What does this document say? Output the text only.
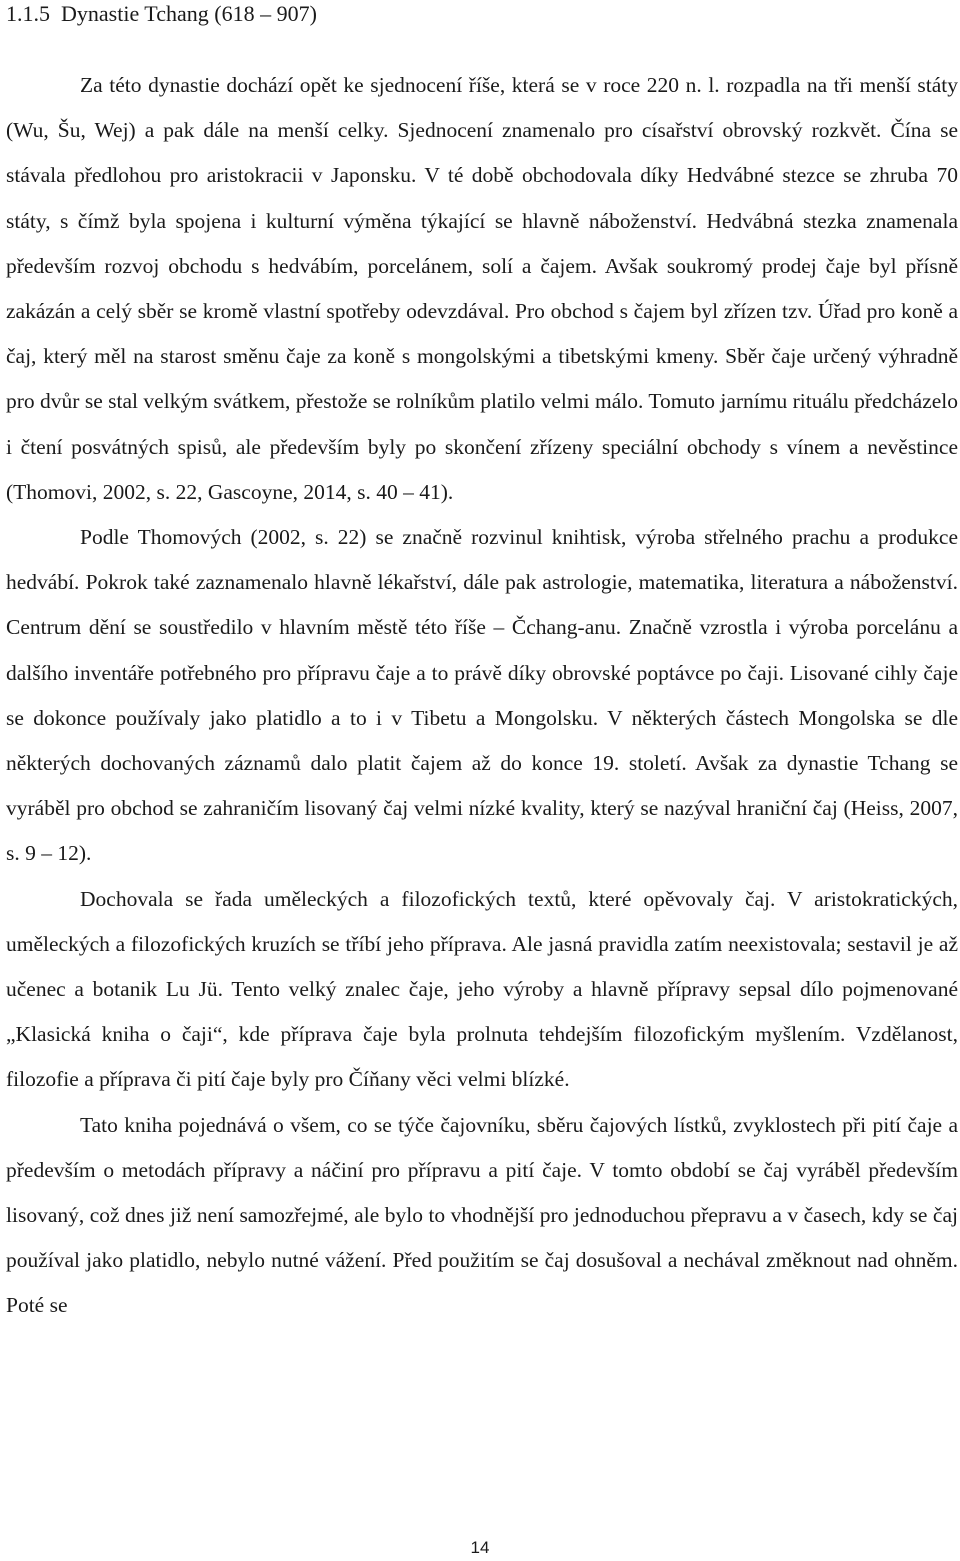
1.1.5  Dynastie Tchang (618 – 907)

Za této dynastie dochází opět ke sjednocení říše, která se v roce 220 n. l. rozpadla na tři menší státy (Wu, Šu, Wej) a pak dále na menší celky. Sjednocení znamenalo pro císařství obrovský rozkvět. Čína se stávala předlohou pro aristokracii v Japonsku. V té době obchodovala díky Hedvábné stezce se zhruba 70 státy, s čímž byla spojena i kulturní výměna týkající se hlavně náboženství. Hedvábná stezka znamenala především rozvoj obchodu s hedvábím, porcelánem, solí a čajem. Avšak soukromý prodej čaje byl přísně zakázán a celý sběr se kromě vlastní spotřeby odevzdával. Pro obchod s čajem byl zřízen tzv. Úřad pro koně a čaj, který měl na starost směnu čaje za koně s mongolskými a tibetskými kmeny. Sběr čaje určený výhradně pro dvůr se stal velkým svátkem, přestože se rolníkům platilo velmi málo. Tomuto jarnímu rituálu předcházelo i čtení posvátných spisů, ale především byly po skončení zřízeny speciální obchody s vínem a nevěstince (Thomovi, 2002, s. 22, Gascoyne, 2014, s. 40 – 41).

Podle Thomových (2002, s. 22) se značně rozvinul knihtisk, výroba střelného prachu a produkce hedvábí. Pokrok také zaznamenalo hlavně lékařství, dále pak astrologie, matematika, literatura a náboženství. Centrum dění se soustředilo v hlavním městě této říše – Čchang-anu. Značně vzrostla i výroba porcelánu a dalšího inventáře potřebného pro přípravu čaje a to právě díky obrovské poptávce po čaji. Lisované cihly čaje se dokonce používaly jako platidlo a to i v Tibetu a Mongolsku. V některých částech Mongolska se dle některých dochovaných záznamů dalo platit čajem až do konce 19. století. Avšak za dynastie Tchang se vyráběl pro obchod se zahraničím lisovaný čaj velmi nízké kvality, který se nazýval hraniční čaj (Heiss, 2007, s. 9 – 12).

Dochovala se řada uměleckých a filozofických textů, které opěvovaly čaj. V aristokratických, uměleckých a filozofických kruzích se tříbí jeho příprava. Ale jasná pravidla zatím neexistovala; sestavil je až učenec a botanik Lu Jü. Tento velký znalec čaje, jeho výroby a hlavně přípravy sepsal dílo pojmenované „Klasická kniha o čaji“, kde příprava čaje byla prolnuta tehdejším filozofickým myšlením. Vzdělanost, filozofie a příprava či pití čaje byly pro Číňany věci velmi blízké.

Tato kniha pojednává o všem, co se týče čajovníku, sběru čajových lístků, zvyklostech při pití čaje a především o metodách přípravy a náčiní pro přípravu a pití čaje. V tomto období se čaj vyráběl především lisovaný, což dnes již není samozřejmé, ale bylo to vhodnější pro jednoduchou přepravu a v časech, kdy se čaj používal jako platidlo, nebylo nutné vážení. Před použitím se čaj dosušoval a nechával změknout nad ohněm. Poté se

14
